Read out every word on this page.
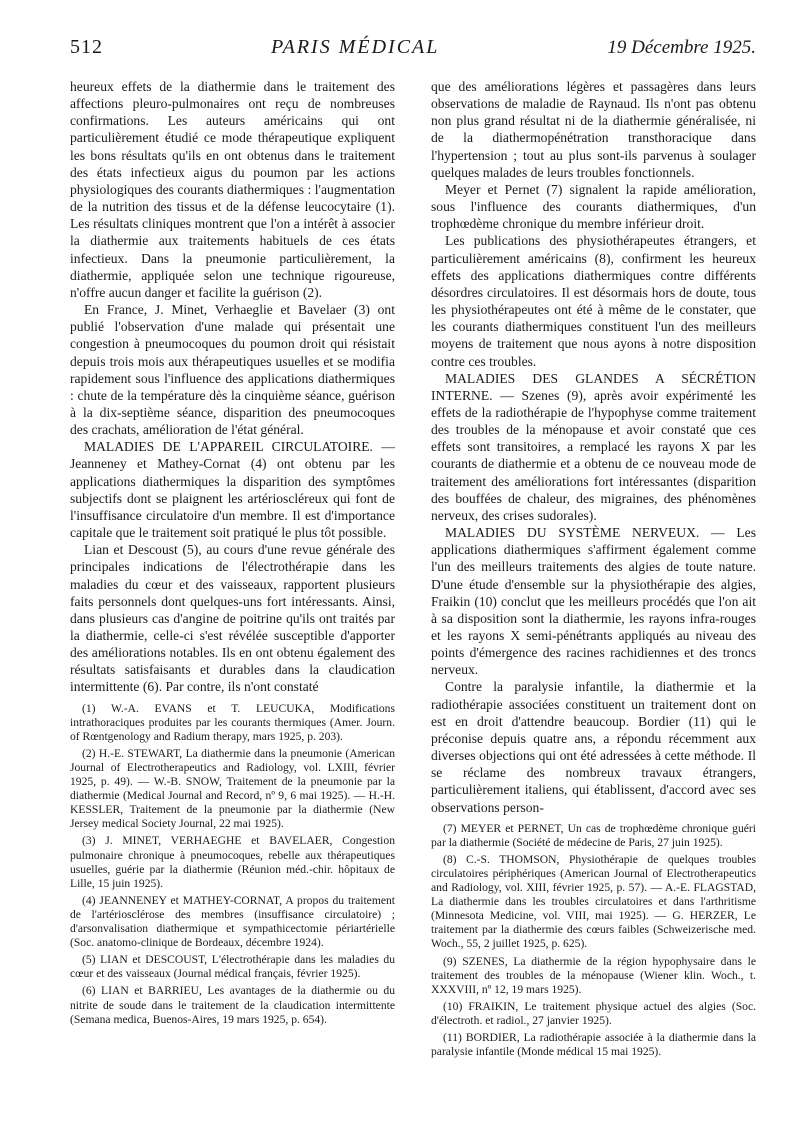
512	PARIS MÉDICAL	19 Décembre 1925.

heureux effets de la diathermie dans le traitement des affections pleuro-pulmonaires ont reçu de nombreuses confirmations. Les auteurs américains qui ont particulièrement étudié ce mode thérapeutique expliquent les bons résultats qu'ils en ont obtenus dans le traitement des états infectieux aigus du poumon par les actions physiologiques des courants diathermiques : l'augmentation de la nutrition des tissus et de la défense leucocytaire (1). Les résultats cliniques montrent que l'on a intérêt à associer la diathermie aux traitements habituels de ces états infectieux. Dans la pneumonie particulièrement, la diathermie, appliquée selon une technique rigoureuse, n'offre aucun danger et facilite la guérison (2).

En France, J. Minet, Verhaeglie et Bavelaer (3) ont publié l'observation d'une malade qui présentait une congestion à pneumocoques du poumon droit qui résistait depuis trois mois aux thérapeutiques usuelles et se modifia rapidement sous l'influence des applications diathermiques : chute de la température dès la cinquième séance, guérison à la dix-septième séance, disparition des pneumocoques des crachats, amélioration de l'état général.

MALADIES DE L'APPAREIL CIRCULATOIRE. — Jeanneney et Mathey-Cornat (4) ont obtenu par les applications diathermiques la disparition des symptômes subjectifs dont se plaignent les artérioscléreux qui font de l'insuffisance circulatoire d'un membre. Il est d'importance capitale que le traitement soit pratiqué le plus tôt possible.

Lian et Descoust (5), au cours d'une revue générale des principales indications de l'électrothérapie dans les maladies du cœur et des vaisseaux, rapportent plusieurs faits personnels dont quelques-uns fort intéressants. Ainsi, dans plusieurs cas d'angine de poitrine qu'ils ont traités par la diathermie, celle-ci s'est révélée susceptible d'apporter des améliorations notables. Ils en ont obtenu également des résultats satisfaisants et durables dans la claudication intermittente (6). Par contre, ils n'ont constaté

(1) W.-A. EVANS et T. LEUCUKA, Modifications intrathoraciques produites par les courants thermiques (Amer. Journ. of Rœntgenology and Radium therapy, mars 1925, p. 203).

(2) H.-E. STEWART, La diathermie dans la pneumonie (American Journal of Electrotherapeutics and Radiology, vol. LXIII, février 1925, p. 49). — W.-B. SNOW, Traitement de la pneumonie par la diathermie (Medical Journal and Record, nº 9, 6 mai 1925). — H.-H. KESSLER, Traitement de la pneumonie par la diathermie (New Jersey medical Society Journal, 22 mai 1925).

(3) J. MINET, VERHAEGHE et BAVELAER, Congestion pulmonaire chronique à pneumocoques, rebelle aux thérapeutiques usuelles, guérie par la diathermie (Réunion méd.-chir. hôpitaux de Lille, 15 juin 1925).

(4) JEANNENEY et MATHEY-CORNAT, A propos du traitement de l'artériosclérose des membres (insuffisance circulatoire) ; d'arsonvalisation diathermique et sympathicectomie périartérielle (Soc. anatomo-clinique de Bordeaux, décembre 1924).

(5) LIAN et DESCOUST, L'électrothérapie dans les maladies du cœur et des vaisseaux (Journal médical français, février 1925).

(6) LIAN et BARRIEU, Les avantages de la diathermie ou du nitrite de soude dans le traitement de la claudication intermittente (Semana medica, Buenos-Aires, 19 mars 1925, p. 654).

que des améliorations légères et passagères dans leurs observations de maladie de Raynaud. Ils n'ont pas obtenu non plus grand résultat ni de la diathermie généralisée, ni de la diathermopénétration transthoracique dans l'hypertension ; tout au plus sont-ils parvenus à soulager quelques malades de leurs troubles fonctionnels.

Meyer et Pernet (7) signalent la rapide amélioration, sous l'influence des courants diathermiques, d'un trophœdème chronique du membre inférieur droit.

Les publications des physiothérapeutes étrangers, et particulièrement américains (8), confirment les heureux effets des applications diathermiques contre différents désordres circulatoires. Il est désormais hors de doute, tous les physiothérapeutes ont été à même de le constater, que les courants diathermiques constituent l'un des meilleurs moyens de traitement que nous ayons à notre disposition contre ces troubles.

MALADIES DES GLANDES A SÉCRÉTION INTERNE. — Szenes (9), après avoir expérimenté les effets de la radiothérapie de l'hypophyse comme traitement des troubles de la ménopause et avoir constaté que ces effets sont transitoires, a remplacé les rayons X par les courants de diathermie et a obtenu de ce nouveau mode de traitement des améliorations fort intéressantes (disparition des bouffées de chaleur, des migraines, des phénomènes nerveux, des crises sudorales).

MALADIES DU SYSTÈME NERVEUX. — Les applications diathermiques s'affirment également comme l'un des meilleurs traitements des algies de toute nature. D'une étude d'ensemble sur la physiothérapie des algies, Fraikin (10) conclut que les meilleurs procédés que l'on ait à sa disposition sont la diathermie, les rayons infra-rouges et les rayons X semi-pénétrants appliqués au niveau des points d'émergence des racines rachidiennes et des troncs nerveux.

Contre la paralysie infantile, la diathermie et la radiothérapie associées constituent un traitement dont on est en droit d'attendre beaucoup. Bordier (11) qui le préconise depuis quatre ans, a répondu récemment aux diverses objections qui ont été adressées à cette méthode. Il se réclame des nombreux travaux étrangers, particulièrement italiens, qui établissent, d'accord avec ses observations person-

(7) MEYER et PERNET, Un cas de trophœdème chronique guéri par la diathermie (Société de médecine de Paris, 27 juin 1925).

(8) C.-S. THOMSON, Physiothérapie de quelques troubles circulatoires périphériques (American Journal of Electrotherapeutics and Radiology, vol. XIII, février 1925, p. 57). — A.-E. FLAGSTAD, La diathermie dans les troubles circulatoires et dans l'arthritisme (Minnesota Medicine, vol. VIII, mai 1925). — G. HERZER, Le traitement par la diathermie des cœurs faibles (Schweizerische med. Woch., 55, 2 juillet 1925, p. 625).

(9) SZENES, La diathermie de la région hypophysaire dans le traitement des troubles de la ménopause (Wiener klin. Woch., t. XXXVIII, nº 12, 19 mars 1925).

(10) FRAIKIN, Le traitement physique actuel des algies (Soc. d'électroth. et radiol., 27 janvier 1925).

(11) BORDIER, La radiothérapie associée à la diathermie dans la paralysie infantile (Monde médical 15 mai 1925).
